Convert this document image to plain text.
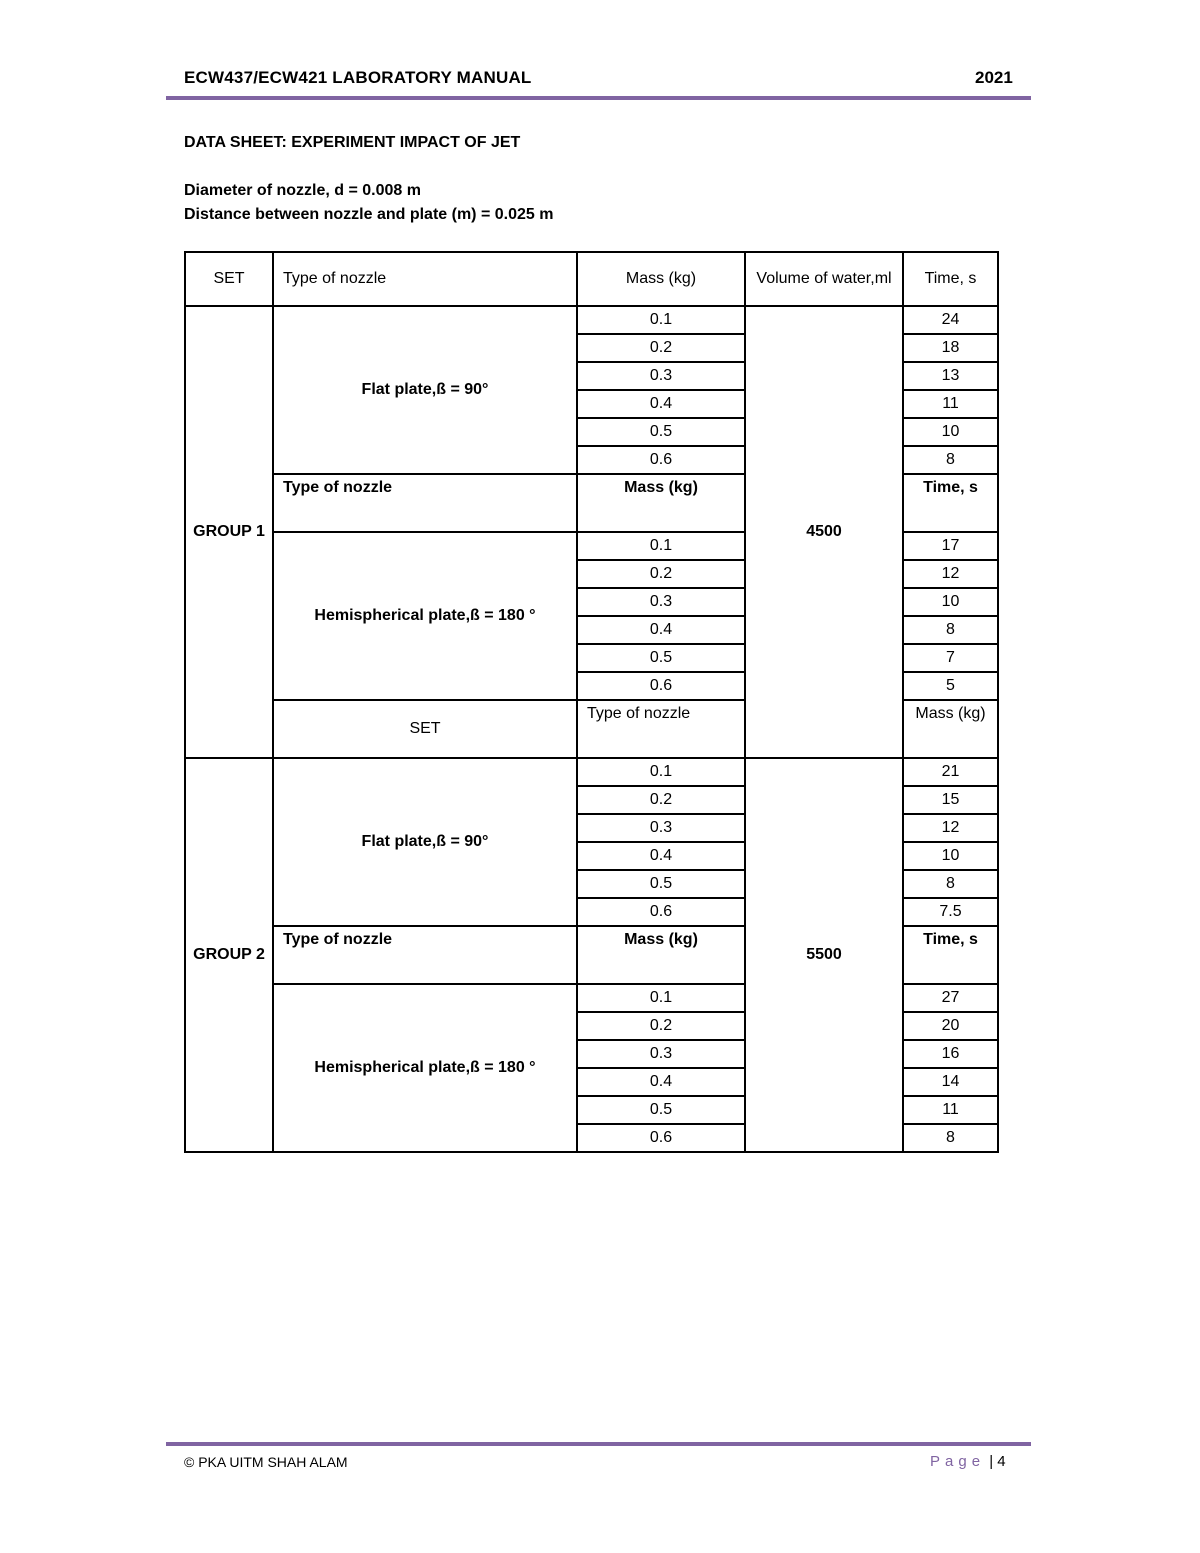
ECW437/ECW421 LABORATORY MANUAL	2021
DATA SHEET: EXPERIMENT IMPACT OF JET
Diameter of nozzle, d = 0.008 m
Distance between nozzle and plate (m) = 0.025 m
SET	Type of nozzle	Mass (kg)	Volume of water,ml	Time, s	
GROUP 1	Flat plate,ß = 90°	0.1	4500	24	
		0.2		18	
		0.3		13	
		0.4		11	
		0.5		10	
		0.6		8	
	Type of nozzle	Mass (kg)		Time, s	
	Hemispherical plate,ß = 180 °	0.1		17	
		0.2		12	
		0.3		10	
		0.4		8	
		0.5		7	
		0.6		5	
	SET	Type of nozzle		Mass (kg)		
GROUP 2	Flat plate,ß = 90°	0.1	5500	21	
		0.2		15	
		0.3		12	
		0.4		10	
		0.5		8	
		0.6		7.5	
	Type of nozzle	Mass (kg)		Time, s	
	Hemispherical plate,ß = 180 °	0.1		27	
		0.2		20	
		0.3		16	
		0.4		14	
		0.5		11	
		0.6		8	
© PKA UITM SHAH ALAM	Page | 4
